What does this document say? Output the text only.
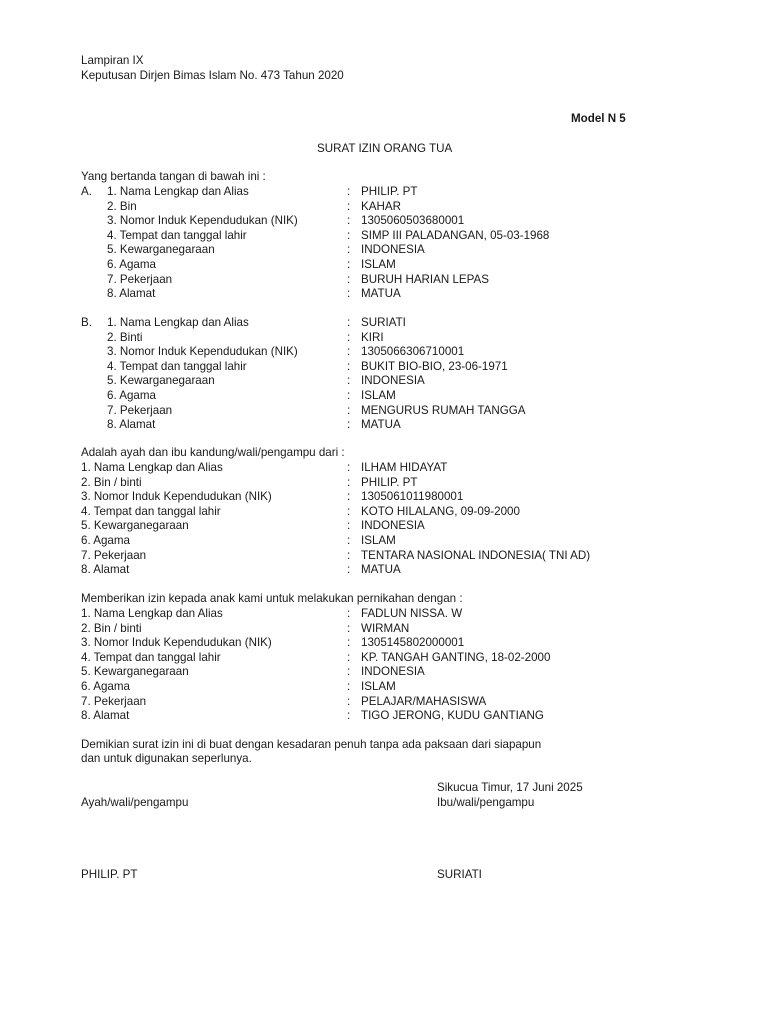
Lampiran IX
Keputusan Dirjen Bimas Islam No. 473 Tahun 2020
Model N 5
SURAT IZIN ORANG TUA
Yang bertanda tangan di bawah ini :
A. 1. Nama Lengkap dan Alias	: PHILIP. PT
2. Bin	: KAHAR
3. Nomor Induk Kependudukan (NIK)	: 1305060503680001
4. Tempat dan tanggal lahir	: SIMP III PALADANGAN, 05-03-1968
5. Kewarganegaraan	: INDONESIA
6. Agama	: ISLAM
7. Pekerjaan	: BURUH HARIAN LEPAS
8. Alamat	: MATUA
B. 1. Nama Lengkap dan Alias	: SURIATI
2. Binti	: KIRI
3. Nomor Induk Kependudukan (NIK)	: 1305066306710001
4. Tempat dan tanggal lahir	: BUKIT BIO-BIO, 23-06-1971
5. Kewarganegaraan	: INDONESIA
6. Agama	: ISLAM
7. Pekerjaan	: MENGURUS RUMAH TANGGA
8. Alamat	: MATUA
Adalah ayah dan ibu kandung/wali/pengampu dari :
1. Nama Lengkap dan Alias	: ILHAM HIDAYAT
2. Bin / binti	: PHILIP. PT
3. Nomor Induk Kependudukan (NIK)	: 1305061011980001
4. Tempat dan tanggal lahir	: KOTO HILALANG, 09-09-2000
5. Kewarganegaraan	: INDONESIA
6. Agama	: ISLAM
7. Pekerjaan	: TENTARA NASIONAL INDONESIA( TNI AD)
8. Alamat	: MATUA
Memberikan izin kepada anak kami untuk melakukan pernikahan dengan :
1. Nama Lengkap dan Alias	: FADLUN NISSA. W
2. Bin / binti	: WIRMAN
3. Nomor Induk Kependudukan (NIK)	: 1305145802000001
4. Tempat dan tanggal lahir	: KP. TANGAH GANTING, 18-02-2000
5. Kewarganegaraan	: INDONESIA
6. Agama	: ISLAM
7. Pekerjaan	: PELAJAR/MAHASISWA
8. Alamat	: TIGO JERONG, KUDU GANTIANG
Demikian surat izin ini di buat dengan kesadaran penuh tanpa ada paksaan dari siapapun
dan untuk digunakan seperlunya.
Sikucua Timur, 17 Juni 2025
Ayah/wali/pengampu	Ibu/wali/pengampu
PHILIP. PT	SURIATI
